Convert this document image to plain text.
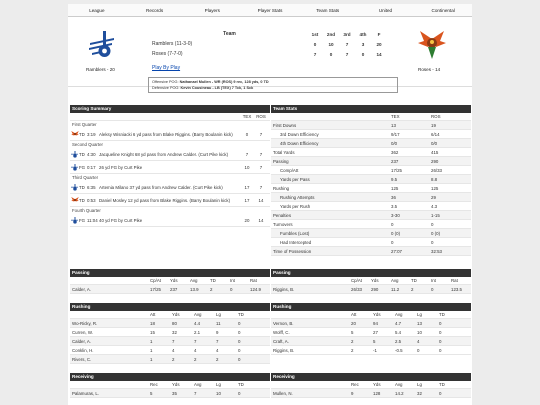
League	Records	Players	Player Stats	Team Stats	United	Continental
Ramblers - 20
Team	1st	2nd	3rd	4th	F
Ramblers (11-3-0)	0	10	7	3	20
Roses (7-7-0)	7	0	7	0	14
Play By Play
Offensive POG: Nathanael Mullen - WR (ROS) 9 rec, 128 yds, 0 TD
Defensive POG: Kevin Cousineau - LB (TEX) 7 Tck, 1 Sck
Roses - 14
Scoring Summary
TEX	ROS
First Quarter
TD 3:19 Aleksy Wisniacki 6 yd pass from Blake Riggins. (Barry Boulanin kick)	0	7
Second Quarter
TD 4:30 Jacqueline Knight 68 yd pass from Andrew Calder. (Curt Pike kick)	7	7
FG 0:17 26 yd FG by Curt Pike	10	7
Third Quarter
TD 6:35 Artemia Milano 37 yd pass from Andrew Calder. (Curt Pike kick)	17	7
TD 0:53 Daniel Mosley 12 yd pass from Blake Riggins. (Barry Boulanin kick)	17	14
Fourth Quarter
FG 11:04 40 yd FG by Curt Pike	20	14
Team Stats
TEX	ROS
First Downs	13	19
3rd Down Efficiency	9/17	6/14
4th Down Efficiency	0/0	0/0
Total Yards	362	415
Passing	237	290
Comp/Att	17/25	26/33
Yards per Pass	9.5	8.8
Rushing	125	125
Rushing Attempts	36	29
Yards per Rush	3.5	4.3
Penalties	3-30	1-15
Turnovers	0	0
Fumbles (Lost)	0 (0)	0 (0)
Had Intercepted	0	0
Time of Possession	27:07	32:53
Passing
Cp/At	Yds	Avg	TD	Int	Rat
Calder, A.	17/25	237	13.9	2	0	124.9
Passing
Cp/At	Yds	Avg	TD	Int	Rat
Riggins, B.	26/33	290	11.2	2	0	123.5
Rushing
Att	Yds	Avg	Lg	TD
Wo-Ricky, R.	18	80	4.4	11	0
Curren, W.	15	32	2.1	9	0
Calder, A.	1	7	7	7	0
Conklin, H.	1	4	4	4	0
Rivers, C.	1	2	2	2	0
Rushing
Att	Yds	Avg	Lg	TD
Vernon, B.	20	94	4.7	13	0
Wolff, C.	5	27	5.4	10	0
Craft, A.	2	5	2.5	4	0
Riggins, B.	2	-1	-0.5	0	0
Receiving
Rec	Yds	Avg	Lg	TD
Palamuras, L.	5	35	7	10	0
Receiving
Rec	Yds	Avg	Lg	TD
Mullen, N.	9	128	14.2	32	0
